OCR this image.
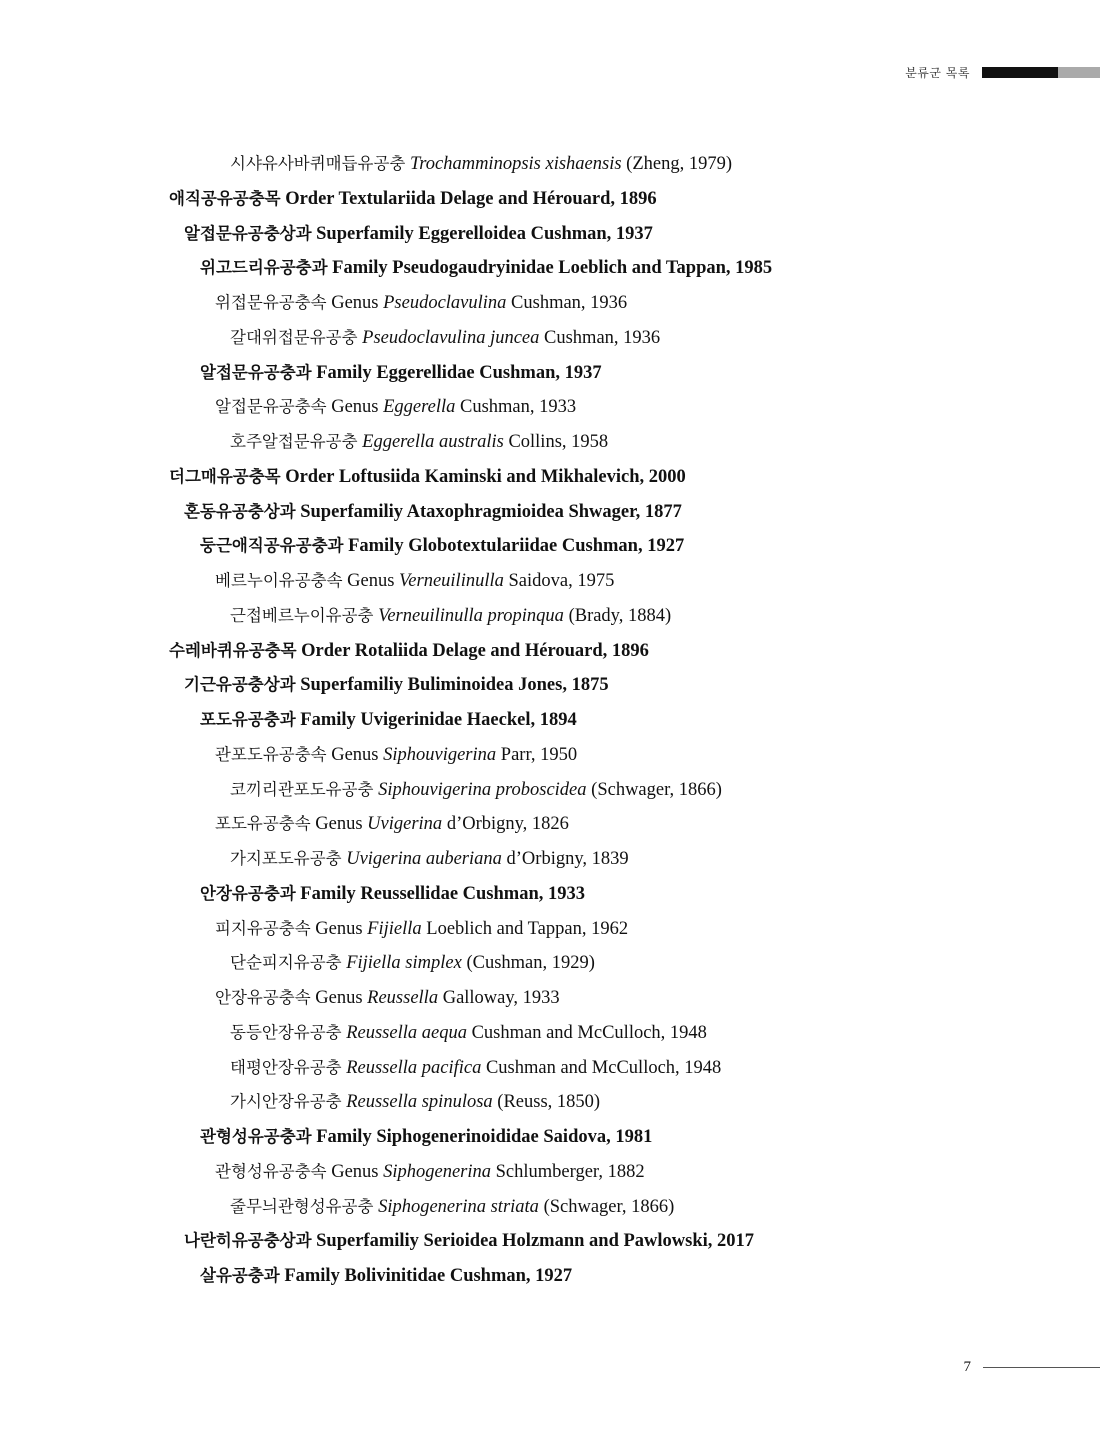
분류군 목록
시샤유사바퀴매듭유공충 Trochamminopsis xishaensis (Zheng, 1979)
애직공유공충목 Order Textulariida Delage and Hérouard, 1896
알접문유공충상과 Superfamily Eggerelloidea Cushman, 1937
위고드리유공충과 Family Pseudogaudryinidae Loeblich and Tappan, 1985
위접문유공충속 Genus Pseudoclavulina Cushman, 1936
갈대위접문유공충 Pseudoclavulina juncea Cushman, 1936
알접문유공충과 Family Eggerellidae Cushman, 1937
알접문유공충속 Genus Eggerella Cushman, 1933
호주알접문유공충 Eggerella australis Collins, 1958
더그매유공충목 Order Loftusiida Kaminski and Mikhalevich, 2000
혼동유공충상과 Superfamiliy Ataxophragmioidea Shwager, 1877
둥근애직공유공충과 Family Globotextulariidae Cushman, 1927
베르누이유공충속 Genus Verneuilinulla Saidova, 1975
근접베르누이유공충 Verneuilinulla propinqua (Brady, 1884)
수레바퀴유공충목 Order Rotaliida Delage and Hérouard, 1896
기근유공충상과 Superfamiliy Buliminoidea Jones, 1875
포도유공충과 Family Uvigerinidae Haeckel, 1894
관포도유공충속 Genus Siphouvigerina Parr, 1950
코끼리관포도유공충 Siphouvigerina proboscidea (Schwager, 1866)
포도유공충속 Genus Uvigerina d’Orbigny, 1826
가지포도유공충 Uvigerina auberiana d’Orbigny, 1839
안장유공충과 Family Reussellidae Cushman, 1933
피지유공충속 Genus Fijiella Loeblich and Tappan, 1962
단순피지유공충 Fijiella simplex (Cushman, 1929)
안장유공충속 Genus Reussella Galloway, 1933
동등안장유공충 Reussella aequa Cushman and McCulloch, 1948
태평안장유공충 Reussella pacifica Cushman and McCulloch, 1948
가시안장유공충 Reussella spinulosa (Reuss, 1850)
관형성유공충과 Family Siphogenerinoididae Saidova, 1981
관형성유공충속 Genus Siphogenerina Schlumberger, 1882
줄무늬관형성유공충 Siphogenerina striata (Schwager, 1866)
나란히유공충상과 Superfamiliy Serioidea Holzmann and Pawlowski, 2017
살유공충과 Family Bolivinitidae Cushman, 1927
7
